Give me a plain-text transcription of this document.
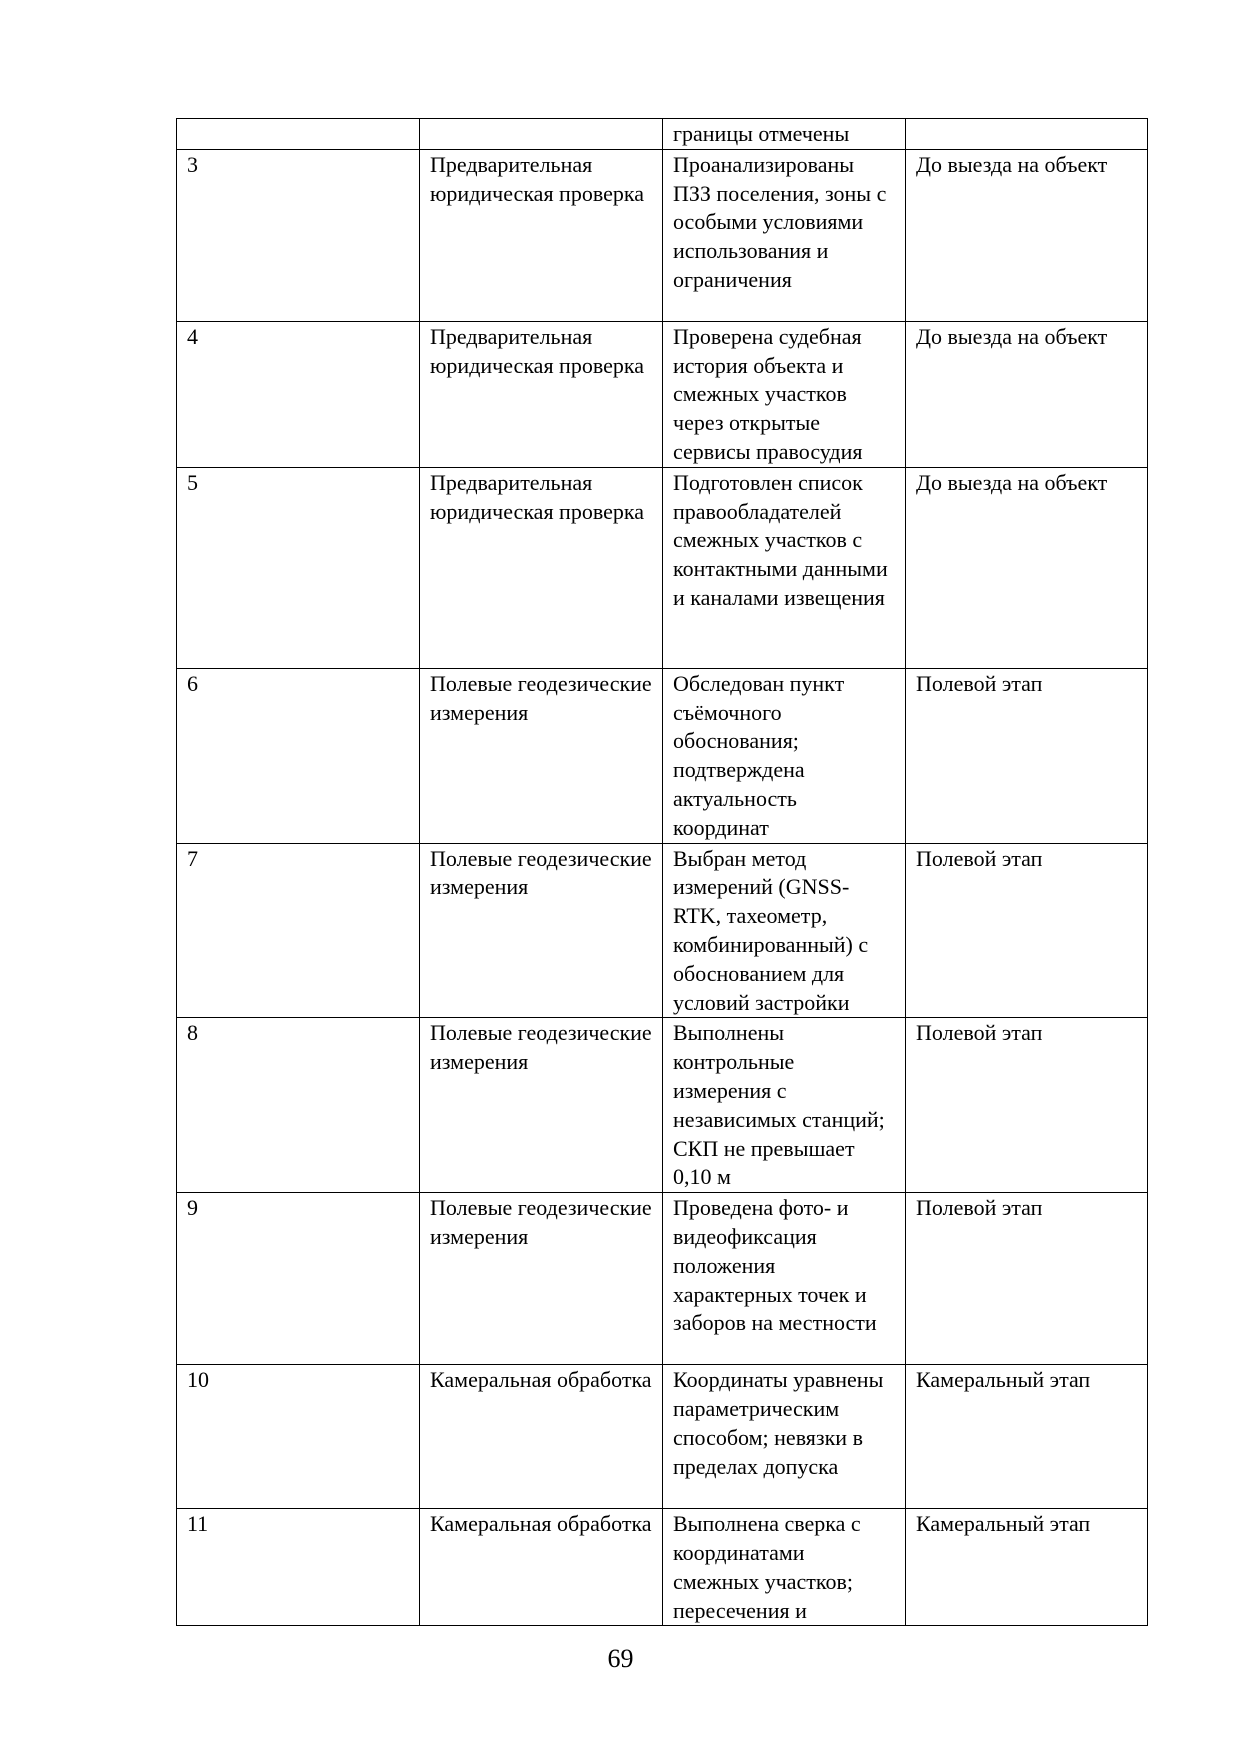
		границы отмечены	

3	Предварительная юридическая проверка	Проанализированы ПЗЗ поселения, зоны с особыми условиями использования и ограничения	До выезда на объект

4	Предварительная юридическая проверка	Проверена судебная история объекта и смежных участков через открытые сервисы правосудия	До выезда на объект

5	Предварительная юридическая проверка	Подготовлен список правообладателей смежных участков с контактными данными и каналами извещения	До выезда на объект

6	Полевые геодезические измерения	Обследован пункт съёмочного обоснования; подтверждена актуальность координат	Полевой этап

7	Полевые геодезические измерения	Выбран метод измерений (GNSS-RTK, тахеометр, комбинированный) с обоснованием для условий застройки	Полевой этап

8	Полевые геодезические измерения	Выполнены контрольные измерения с независимых станций; СКП не превышает 0,10 м	Полевой этап

9	Полевые геодезические измерения	Проведена фото- и видеофиксация положения характерных точек и заборов на местности	Полевой этап

10	Камеральная обработка	Координаты уравнены параметрическим способом; невязки в пределах допуска	Камеральный этап

11	Камеральная обработка	Выполнена сверка с координатами смежных участков; пересечения и	Камеральный этап
69
